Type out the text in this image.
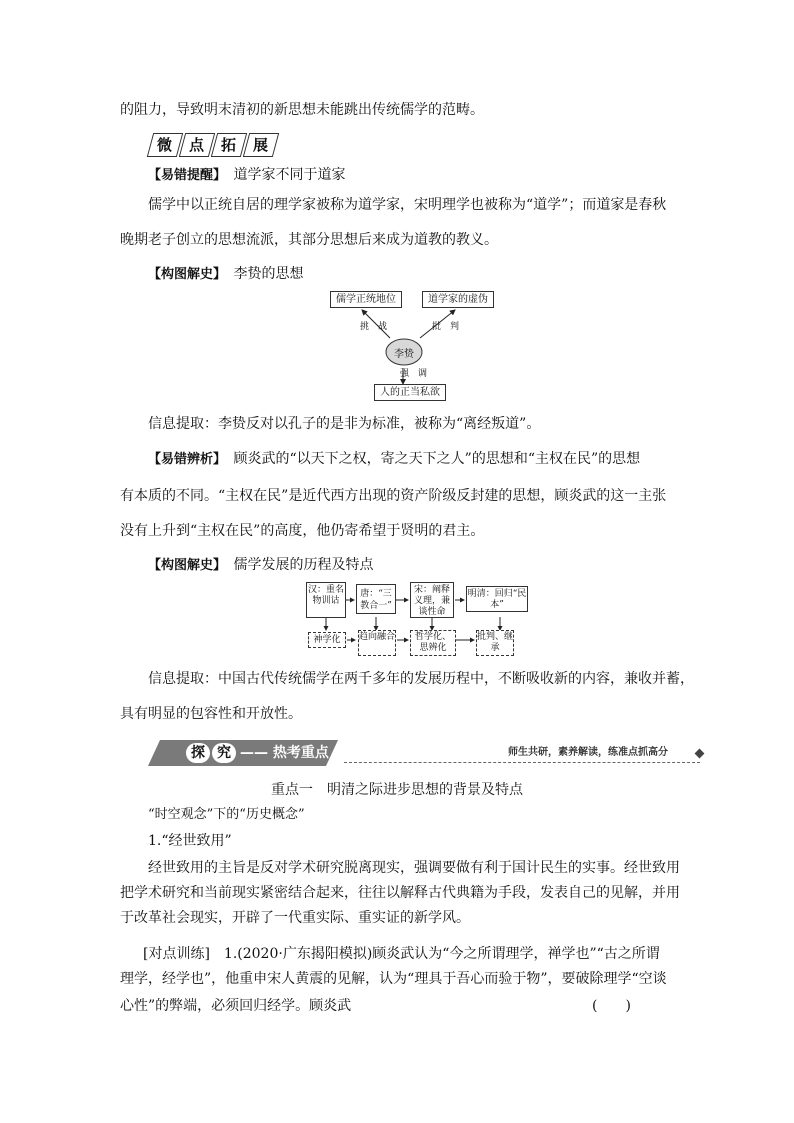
的阻力，导致明末清初的新思想未能跳出传统儒学的范畴。
微 点 拓 展
【易错提醒】　 道学家不同于道家
儒学中以正统自居的理学家被称为道学家，宋明理学也被称为“道学”；而道家是春秋
晚期老子创立的思想流派，其部分思想后来成为道教的教义。
【构图解史】　 李贽的思想
儒学正统地位	道学家的虚伪
李贽
挑　战	批　判
强　调
人的正当私欲
信息提取：李贽反对以孔子的是非为标准，被称为“离经叛道”。
【易错辨析】　 顾炎武的“以天下之权，寄之天下之人”的思想和“主权在民”的思想
有本质的不同。“主权在民”是近代西方出现的资产阶级反封建的思想，顾炎武的这一主张
没有上升到“主权在民”的高度，他仍寄希望于贤明的君主。
【构图解史】　 儒学发展的历程及特点
汉：重名物训诂
唐：“三教合一”
宋：阐释义理，兼谈性命
明清：回归“民本”
神学化	趋向融合	哲学化、思辨化
批判、继承
信息提取：中国古代传统儒学在两千多年的发展历程中，不断吸收新的内容，兼收并蓄，
具有明显的包容性和开放性。
探 究 —— 热考重点	师生共研，素养解读，练准点抓高分
重点一　明清之际进步思想的背景及特点
“时空观念”下的“历史概念”
1.“经世致用”
经世致用的主旨是反对学术研究脱离现实，强调要做有利于国计民生的实事。经世致用
把学术研究和当前现实紧密结合起来，往往以解释古代典籍为手段，发表自己的见解，并用
于改革社会现实，开辟了一代重实际、重实证的新学风。
[对点训练]　1.(2020·广东揭阳模拟)顾炎武认为“今之所谓理学，禅学也”“古之所谓
理学，经学也”，他重申宋人黄震的见解，认为“理具于吾心而验于物”，要破除理学“空谈
心性”的弊端，必须回归经学。顾炎武	(　　)
